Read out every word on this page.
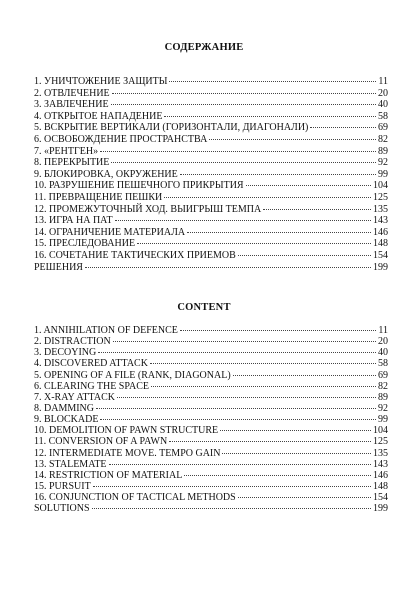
СОДЕРЖАНИЕ
1. УНИЧТОЖЕНИЕ ЗАЩИТЫ	11
2. ОТВЛЕЧЕНИЕ	20
3. ЗАВЛЕЧЕНИЕ	40
4. ОТКРЫТОЕ НАПАДЕНИЕ	58
5. ВСКРЫТИЕ ВЕРТИКАЛИ (ГОРИЗОНТАЛИ, ДИАГОНАЛИ)	69
6. ОСВОБОЖДЕНИЕ ПРОСТРАНСТВА	82
7. «РЕНТГЕН»	89
8. ПЕРЕКРЫТИЕ	92
9. БЛОКИРОВКА, ОКРУЖЕНИЕ	99
10. РАЗРУШЕНИЕ ПЕШЕЧНОГО ПРИКРЫТИЯ	104
11. ПРЕВРАЩЕНИЕ ПЕШКИ	125
12. ПРОМЕЖУТОЧНЫЙ ХОД. ВЫИГРЫШ ТЕМПА	135
13. ИГРА НА ПАТ	143
14. ОГРАНИЧЕНИЕ МАТЕРИАЛА	146
15. ПРЕСЛЕДОВАНИЕ	148
16. СОЧЕТАНИЕ ТАКТИЧЕСКИХ ПРИЕМОВ	154
РЕШЕНИЯ	199
CONTENT
1. ANNIHILATION OF DEFENCE	11
2. DISTRACTION	20
3. DECOYING	40
4. DISCOVERED ATTACK	58
5. OPENING OF A FILE (RANK, DIAGONAL)	69
6. CLEARING THE SPACE	82
7. X-RAY ATTACK	89
8. DAMMING	92
9. BLOCKADE	99
10. DEMOLITION OF PAWN STRUCTURE	104
11. CONVERSION OF A PAWN	125
12. INTERMEDIATE MOVE. TEMPO GAIN	135
13. STALEMATE	143
14. RESTRICTION OF MATERIAL	146
15. PURSUIT	148
16. CONJUNCTION OF TACTICAL METHODS	154
SOLUTIONS	199
